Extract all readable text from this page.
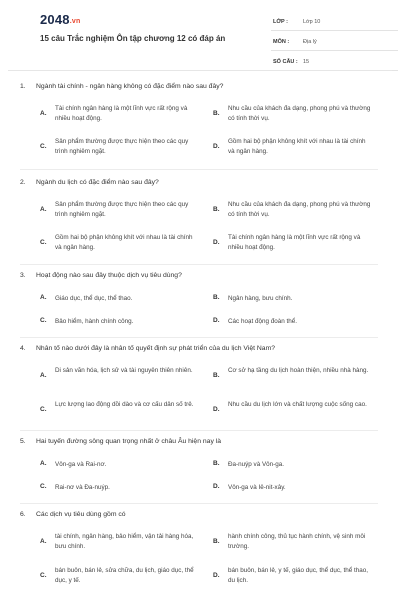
2048.vn
15 câu Trắc nghiệm Ôn tập chương 12 có đáp án
LỚP :	Lớp 10
MÔN :	Địa lý
SỐ CÂU : 15
1. Ngành tài chính - ngân hàng không có đặc điểm nào sau đây?
A.
Tài chính ngân hàng là một lĩnh vực rất rộng và nhiều hoạt động.
B.
Nhu cầu của khách đa dạng, phong phú và thường có tính thời vụ.
C.
Sản phẩm thường được thực hiện theo các quy trình nghiêm ngặt.
D.
Gồm hai bộ phận không khít với nhau là tài chính và ngân hàng.
2. Ngành du lịch có đặc điểm nào sau đây?
A.
Sản phẩm thường được thực hiện theo các quy trình nghiêm ngặt.
B.
Nhu cầu của khách đa dạng, phong phú và thường có tính thời vụ.
C.
Gồm hai bộ phận không khít với nhau là tài chính và ngân hàng.
D.
Tài chính ngân hàng là một lĩnh vực rất rộng và nhiều hoạt động.
3. Hoạt động nào sau đây thuộc dịch vụ tiêu dùng?
A. Giáo dục, thể dục, thể thao.	B. Ngân hàng, bưu chính.
C. Bảo hiểm, hành chính công.	D. Các hoạt động đoàn thể.
4. Nhân tố nào dưới đây là nhân tố quyết định sự phát triển của du lịch Việt Nam?
A.
Di sản văn hóa, lịch sử và tài nguyên thiên nhiên.
B.
Cơ sở hạ tầng du lịch hoàn thiện, nhiều nhà hàng.
C.
Lực lượng lao động dồi dào và cơ cấu dân số trẻ.
D.
Nhu cầu du lịch lớn và chất lượng cuộc sống cao.
5. Hai tuyến đường sông quan trọng nhất ở châu Âu hiện nay là
A. Vôn-ga và Rai-nơ.	B. Đa-nuýp và Vôn-ga.
C. Rai-nơ và Đa-nuýp.	D. Vôn-ga và Iê-nit-xây.
6. Các dịch vụ tiêu dùng gồm có
A.
tài chính, ngân hàng, bảo hiểm, vận tải hàng hóa, bưu chính.
B.
hành chính công, thủ tục hành chính, vệ sinh môi trường.
C.
bán buôn, bán lẻ, sửa chữa, du lịch, giáo dục, thể dục, y tế.
D.
bán buôn, bán lẻ, y tế, giáo dục, thể dục, thể thao, du lịch.
